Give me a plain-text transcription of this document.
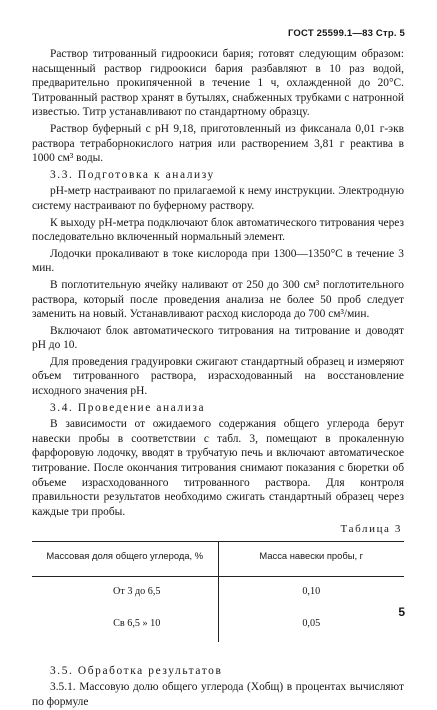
ГОСТ 25599.1—83 Стр. 5

Раствор титрованный гидроокиси бария; готовят следующим образом: насыщенный раствор гидроокиси бария разбавляют в 10 раз водой, предварительно прокипяченной в течение 1 ч, охлажденной до 20°С. Титрованный раствор хранят в бутылях, снабженных трубками с натронной известью. Титр устанавливают по стандартному образцу.

Раствор буферный с pH 9,18, приготовленный из фиксанала 0,01 г-экв раствора тетраборнокислого натрия или растворением 3,81 г реактива в 1000 см³ воды.

3.3. Подготовка к анализу

pH-метр настраивают по прилагаемой к нему инструкции. Электродную систему настраивают по буферному раствору.

К выходу pH-метра подключают блок автоматического титрования через последовательно включенный нормальный элемент.

Лодочки прокаливают в токе кислорода при 1300—1350°С в течение 3 мин.

В поглотительную ячейку наливают от 250 до 300 см³ поглотительного раствора, который после проведения анализа не более 50 проб следует заменить на новый. Устанавливают расход кислорода до 700 см³/мин.

Включают блок автоматического титрования на титрование и доводят pH до 10.

Для проведения градуировки сжигают стандартный образец и измеряют объем титрованного раствора, израсходованный на восстановление исходного значения pH.

3.4. Проведение анализа

В зависимости от ожидаемого содержания общего углерода берут навески пробы в соответствии с табл. 3, помещают в прокаленную фарфоровую лодочку, вводят в трубчатую печь и включают автоматическое титрование. После окончания титрования снимают показания с бюретки об объеме израсходованного титрованного раствора. Для контроля правильности результатов необходимо сжигать стандартный образец через каждые три пробы.

Таблица 3
Массовая доля общего углерода, %	Масса навески пробы, г
От 3 до 6,5	0,10
Св 6,5 » 10	0,05

3.5. Обработка результатов

3.5.1. Массовую долю общего углерода (Xобщ) в процентах вычисляют по формуле

5
